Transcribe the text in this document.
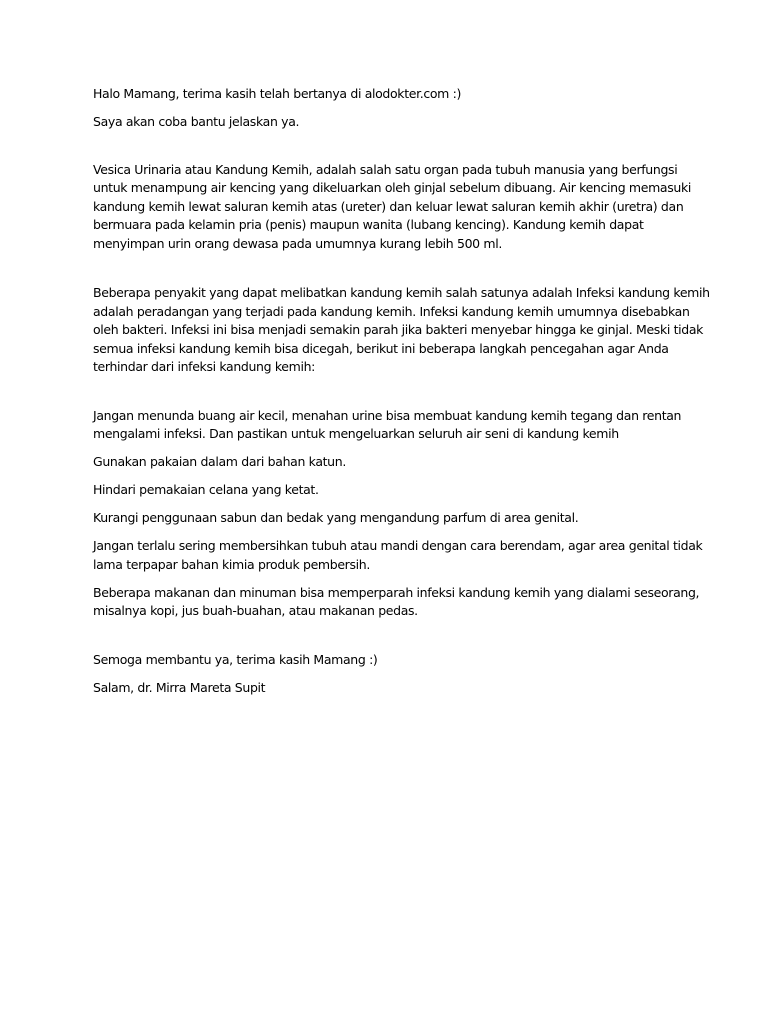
Halo Mamang, terima kasih telah bertanya di alodokter.com :)

Saya akan coba bantu jelaskan ya.

Vesica Urinaria atau Kandung Kemih, adalah salah satu organ pada tubuh manusia yang berfungsi untuk menampung air kencing yang dikeluarkan oleh ginjal sebelum dibuang. Air kencing memasuki kandung kemih lewat saluran kemih atas (ureter) dan keluar lewat saluran kemih akhir (uretra) dan bermuara pada kelamin pria (penis) maupun wanita (lubang kencing). Kandung kemih dapat menyimpan urin orang dewasa pada umumnya kurang lebih 500 ml.

Beberapa penyakit yang dapat melibatkan kandung kemih salah satunya adalah Infeksi kandung kemih adalah peradangan yang terjadi pada kandung kemih. Infeksi kandung kemih umumnya disebabkan oleh bakteri. Infeksi ini bisa menjadi semakin parah jika bakteri menyebar hingga ke ginjal. Meski tidak semua infeksi kandung kemih bisa dicegah, berikut ini beberapa langkah pencegahan agar Anda terhindar dari infeksi kandung kemih:

Jangan menunda buang air kecil, menahan urine bisa membuat kandung kemih tegang dan rentan mengalami infeksi. Dan pastikan untuk mengeluarkan seluruh air seni di kandung kemih

Gunakan pakaian dalam dari bahan katun.

Hindari pemakaian celana yang ketat.

Kurangi penggunaan sabun dan bedak yang mengandung parfum di area genital.

Jangan terlalu sering membersihkan tubuh atau mandi dengan cara berendam, agar area genital tidak lama terpapar bahan kimia produk pembersih.

Beberapa makanan dan minuman bisa memperparah infeksi kandung kemih yang dialami seseorang, misalnya kopi, jus buah-buahan, atau makanan pedas.

Semoga membantu ya, terima kasih Mamang :)

Salam, dr. Mirra Mareta Supit
